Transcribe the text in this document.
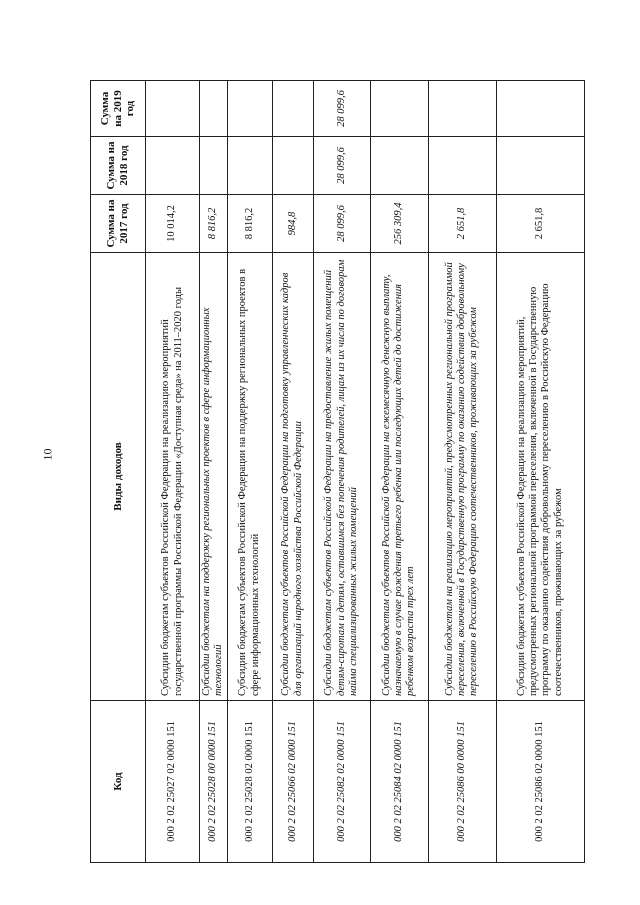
10
Код	Виды доходов	Сумма на 2017 год	Сумма на 2018 год	Сумма на 2019 год
000 2 02 25027 02 0000 151	Субсидии бюджетам субъектов Российской Федерации на реализацию мероприятий государственной программы Российской Федерации «Доступная среда» на 2011–2020 годы	10 014,2		
000 2 02 25028 00 0000 151	Субсидии бюджетам на поддержку региональных проектов в сфере информационных технологий	8 816,2		
000 2 02 25028 02 0000 151	Субсидии бюджетам субъектов Российской Федерации на поддержку региональных проектов в сфере информационных технологий	8 816,2		
000 2 02 25066 02 0000 151	Субсидии бюджетам субъектов Российской Федерации на подготовку управленческих кадров для организаций народного хозяйства Российской Федерации	984,8		
000 2 02 25082 02 0000 151	Субсидии бюджетам субъектов Российской Федерации на предоставление жилых помещений детям-сиротам и детям, оставшимся без попечения родителей, лицам из их числа по договорам найма специализированных жилых помещений	28 099,6	28 099,6	28 099,6
000 2 02 25084 02 0000 151	Субсидии бюджетам субъектов Российской Федерации на ежемесячную денежную выплату, назначаемую в случае рождения третьего ребенка или последующих детей до достижения ребенком возраста трех лет	256 309,4		
000 2 02 25086 00 0000 151	Субсидии бюджетам на реализацию мероприятий, предусмотренных региональной программой переселения, включенной в Государственную программу по оказанию содействия добровольному переселению в Российскую Федерацию соотечественников, проживающих за рубежом	2 651,8		
000 2 02 25086 02 0000 151	Субсидии бюджетам субъектов Российской Федерации на реализацию мероприятий, предусмотренных региональной программой переселения, включенной в Государственную программу по оказанию содействия добровольному переселению в Российскую Федерацию соотечественников, проживающих за рубежом	2 651,8		
